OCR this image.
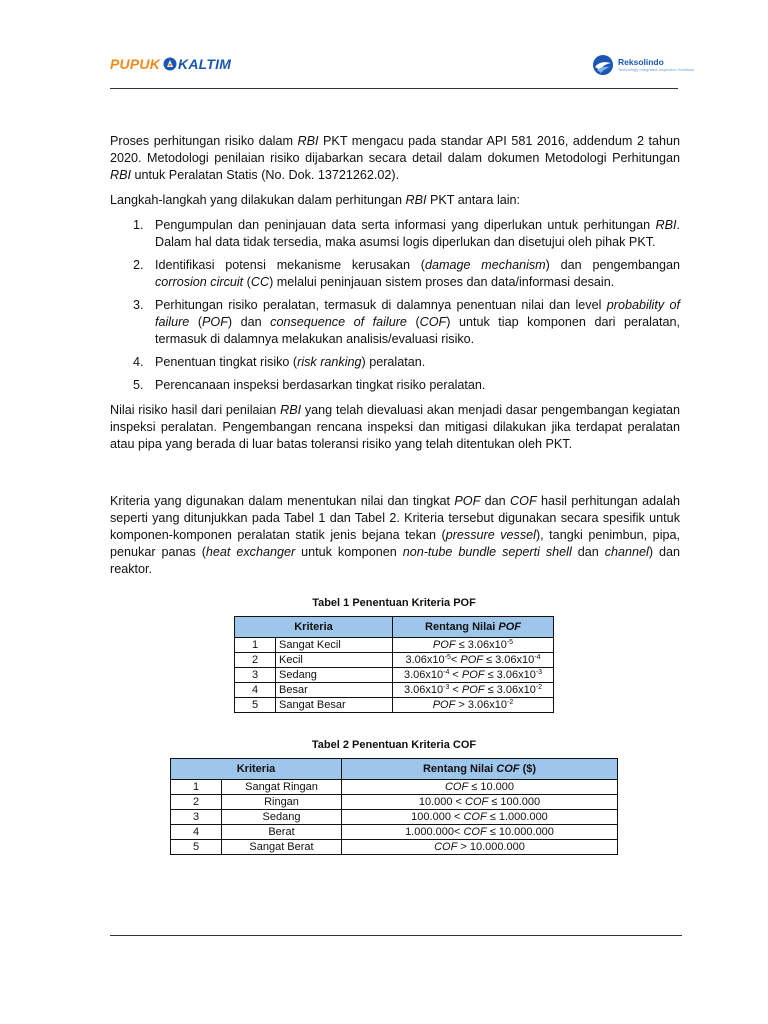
PUPUK KALTIM	Reksolindo
Technology Integrated Inspection Solutions

Proses perhitungan risiko dalam RBI PKT mengacu pada standar API 581 2016, addendum 2 tahun 2020. Metodologi penilaian risiko dijabarkan secara detail dalam dokumen Metodologi Perhitungan RBI untuk Peralatan Statis (No. Dok. 13721262.02).

Langkah-langkah yang dilakukan dalam perhitungan RBI PKT antara lain:

1. Pengumpulan dan peninjauan data serta informasi yang diperlukan untuk perhitungan RBI. Dalam hal data tidak tersedia, maka asumsi logis diperlukan dan disetujui oleh pihak PKT.
2. Identifikasi potensi mekanisme kerusakan (damage mechanism) dan pengembangan corrosion circuit (CC) melalui peninjauan sistem proses dan data/informasi desain.
3. Perhitungan risiko peralatan, termasuk di dalamnya penentuan nilai dan level probability of failure (POF) dan consequence of failure (COF) untuk tiap komponen dari peralatan, termasuk di dalamnya melakukan analisis/evaluasi risiko.
4. Penentuan tingkat risiko (risk ranking) peralatan.
5. Perencanaan inspeksi berdasarkan tingkat risiko peralatan.

Nilai risiko hasil dari penilaian RBI yang telah dievaluasi akan menjadi dasar pengembangan kegiatan inspeksi peralatan. Pengembangan rencana inspeksi dan mitigasi dilakukan jika terdapat peralatan atau pipa yang berada di luar batas toleransi risiko yang telah ditentukan oleh PKT.

Kriteria yang digunakan dalam menentukan nilai dan tingkat POF dan COF hasil perhitungan adalah seperti yang ditunjukkan pada Tabel 1 dan Tabel 2. Kriteria tersebut digunakan secara spesifik untuk komponen-komponen peralatan statik jenis bejana tekan (pressure vessel), tangki penimbun, pipa, penukar panas (heat exchanger untuk komponen non-tube bundle seperti shell dan channel) dan reaktor.

Tabel 1 Penentuan Kriteria POF
Kriteria		Rentang Nilai POF
1	Sangat Kecil	POF ≤ $3.06x10^{-5}$
2	Kecil	$3.06x10^{-5}<$ POF ≤ $3.06x10^{-4}$
3	Sedang	$3.06x10^{-4}$ < POF ≤ $3.06x10^{-3}$
4	Besar	$3.06x10^{-3}$ < POF ≤ $3.06x10^{-2}$
5	Sangat Besar	POF > $3.06x10^{-2}$
Tabel 2 Penentuan Kriteria COF
Kriteria		Rentang Nilai COF ($)
1	Sangat Ringan	COF ≤ 10.000
2	Ringan	10.000 < COF ≤ 100.000
3	Sedang	100.000 < COF ≤ 1.000.000
4	Berat	1.000.000< COF ≤ 10.000.000
5	Sangat Berat	COF > 10.000.000
